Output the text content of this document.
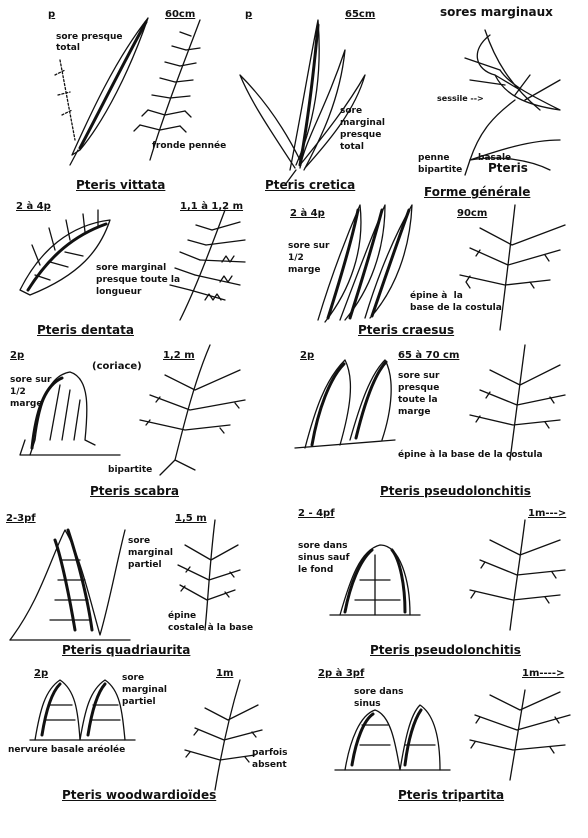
p	60cm
sore presque
total
fronde pennée
Pteris vittata
p	65cm
sore
marginal
presque
total
Pteris cretica
sores marginaux
sessile -->
penne	basale
bipartite Pteris
Forme générale
2 à 4p	1,1 à 1,2 m
sore marginal
presque toute la
longueur
Pteris dentata
2 à 4p	90cm
sore sur
1/2
marge
épine à  la
base de la costula
Pteris craesus
2p
(coriace)
1,2 m
sore sur
1/2
marge
bipartite
Pteris scabra
2p	65 à 70 cm
sore sur
presque
toute la
marge
épine à la base de la costula
Pteris pseudolonchitis
2-3pf	1,5 m
sore
marginal
partiel
épine
costale à la base
Pteris quadriaurita
2 - 4pf	1m--->
sore dans
sinus sauf
le fond
Pteris pseudolonchitis
2p	1m
sore
marginal
partiel
nervure basale aréolée	parfois
absent
Pteris woodwardioïdes
2p à 3pf	1m---->
sore dans
sinus
Pteris tripartita
